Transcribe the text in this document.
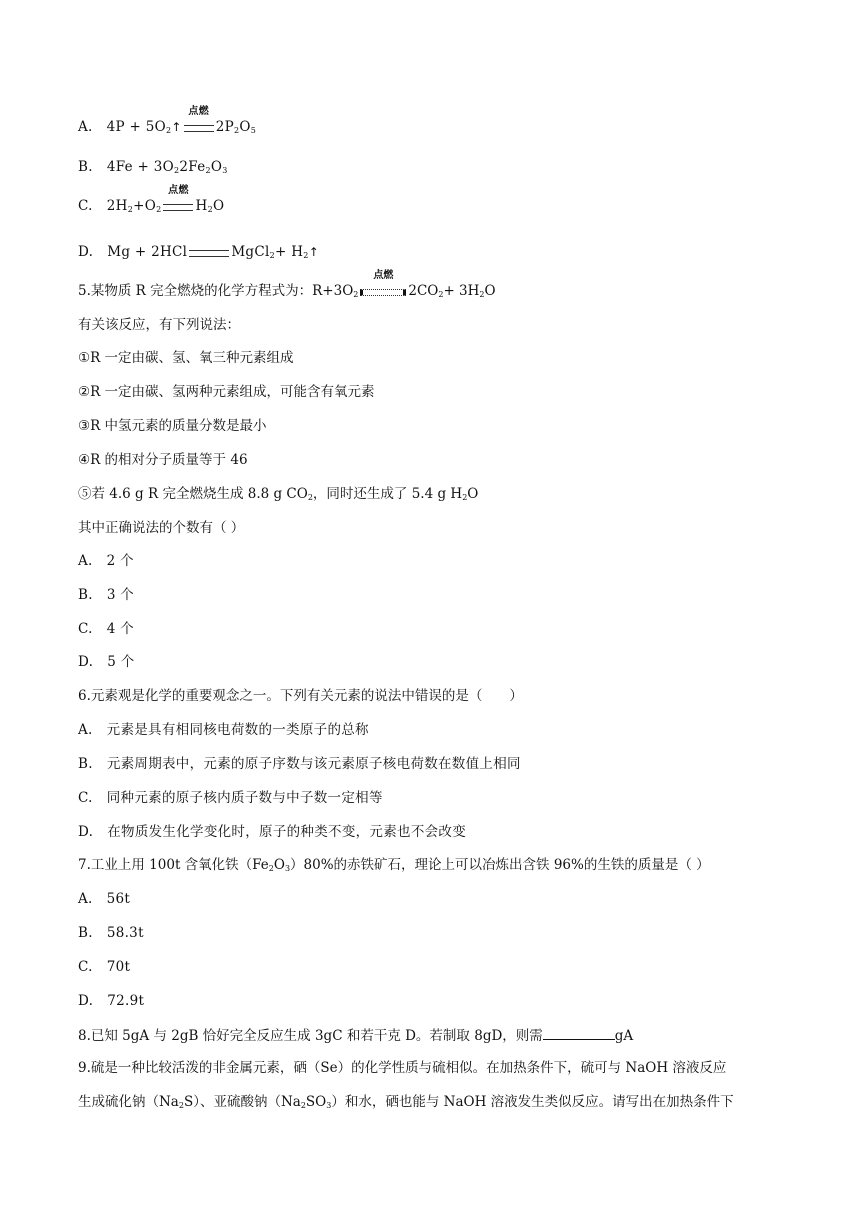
A. $4P + 5O_2↑$
点燃
$2P_2O_5$
B. $4Fe + 3O_22Fe_2O_3$
C. $2H_2+O_2$
点燃
$H_2O$
D. Mg + 2HCl	MgCl$_2$+ $H_2↑$
5.某物质 R 完全燃烧的化学方程式为：$R+3O_2$
点燃
$2CO_2+ 3H_2O$
有关该反应，有下列说法：
①R 一定由碳、氢、氧三种元素组成
②R 一定由碳、氢两种元素组成，可能含有氧元素
③R 中氢元素的质量分数是最小
④R 的相对分子质量等于 46
⑤若 4.6 g R 完全燃烧生成 8.8 g $CO_2$，同时还生成了 5.4 g $H_2O$
其中正确说法的个数有（ ）
A. 2 个
B. 3 个
C. 4 个
D. 5 个
6.元素观是化学的重要观念之一。下列有关元素的说法中错误的是（　　）
A. 元素是具有相同核电荷数的一类原子的总称
B. 元素周期表中，元素的原子序数与该元素原子核电荷数在数值上相同
C. 同种元素的原子核内质子数与中子数一定相等
D. 在物质发生化学变化时，原子的种类不变，元素也不会改变
7.工业上用 100t 含氧化铁$(Fe_2O_3)80\%$的赤铁矿石，理论上可以冶炼出含铁 96%的生铁的质量是（ ）
A. 56t
B. 58.3t
C. 70t
D. 72.9t
8.已知 5gA 与 2gB 恰好完全反应生成 3gC 和若干克 D。若制取 8gD，则需	gA
9.硫是一种比较活泼的非金属元素，硒（Se）的化学性质与硫相似。在加热条件下，硫可与 NaOH 溶液反应
生成硫化钠$(Na_2S)$、亚硫酸钠$(Na_2SO_3)$和水，硒也能与 NaOH 溶液发生类似反应。请写出在加热条件下
